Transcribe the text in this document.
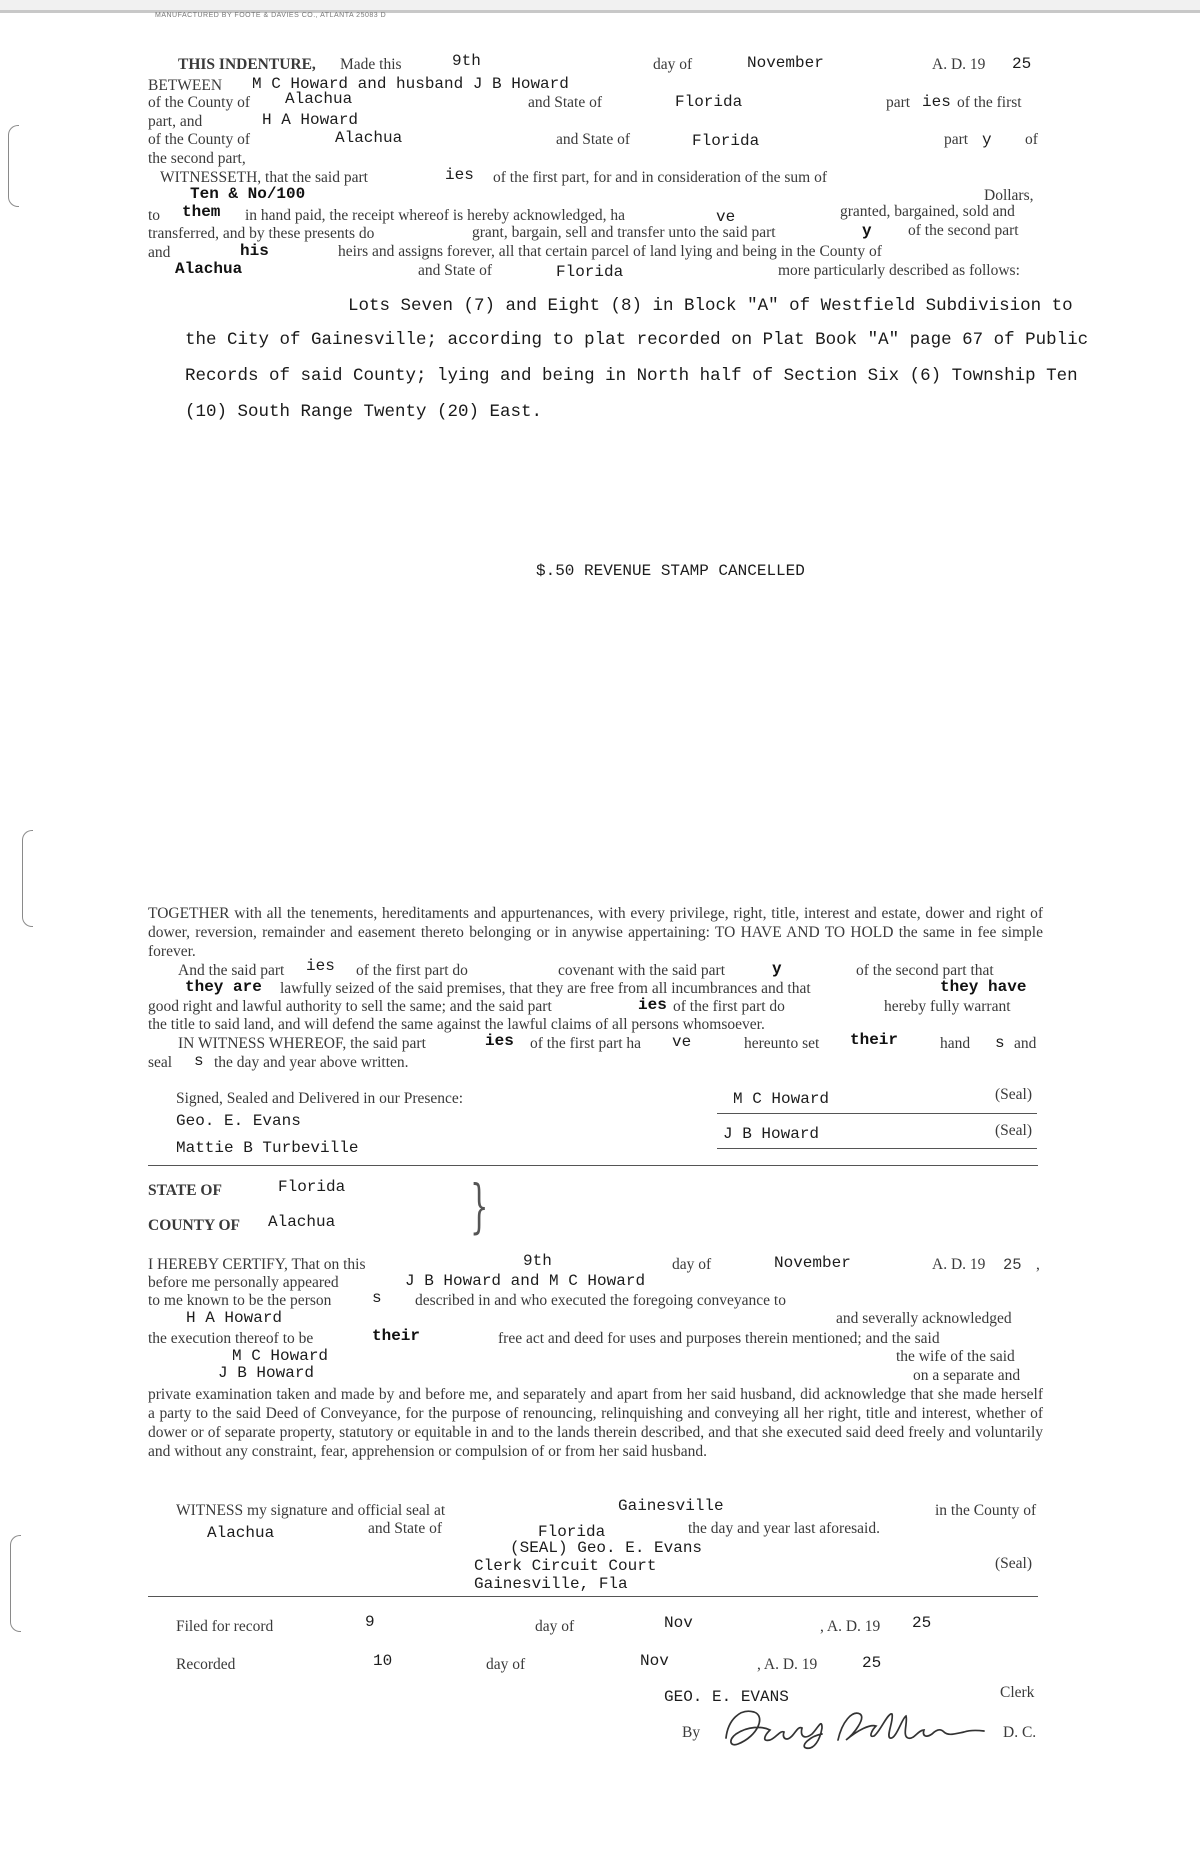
MANUFACTURED BY FOOTE & DAVIES CO., ATLANTA 25083 D
THIS INDENTURE, Made this	9th	day of	November	A. D. 19 25
BETWEEN M C Howard and husband J B Howard
of the County of Alachua	and State of	Florida	part ies of the first
part, and	H A Howard
of the County of	Alachua	and State of	Florida	part y of
the second part,
WITNESSETH, that the said part	ies of the first part, for and in consideration of the sum of
Ten & No/100	Dollars,
to them in hand paid, the receipt whereof is hereby acknowledged, ha	ve	granted, bargained, sold and
transferred, and by these presents do	grant, bargain, sell and transfer unto the said part	y of the second part
and	his	heirs and assigns forever, all that certain parcel of land lying and being in the County of
Alachua	and State of	Florida	more particularly described as follows:
Lots Seven (7) and Eight (8) in Block "A" of Westfield Subdivision to
the City of Gainesville; according to plat recorded on Plat Book "A" page 67 of Public
Records of said County; lying and being in North half of Section Six (6) Township Ten
(10) South Range Twenty (20) East.
$.50 REVENUE STAMP CANCELLED
TOGETHER with all the tenements, hereditaments and appurtenances, with every privilege, right, title, interest and estate, dower and right of dower, reversion, remainder and easement thereto belonging or in anywise appertaining: TO HAVE AND TO HOLD the same in fee simple forever.
And the said part ies of the first part do	covenant with the said part	y	of the second part that
they are lawfully seized of the said premises, that they are free from all incumbrances and that	they have
good right and lawful authority to sell the same; and the said part	ies of the first part do	hereby fully warrant
the title to said land, and will defend the same against the lawful claims of all persons whomsoever.
IN WITNESS WHEREOF, the said part	ies of the first part ha ve	hereunto set their	hand s and
seal s the day and year above written.
Signed, Sealed and Delivered in our Presence:
Geo. E. Evans
Mattie B Turbeville
M C Howard
J B Howard
(Seal)
(Seal)
STATE OF	Florida
COUNTY OF Alachua }
I HEREBY CERTIFY, That on this	9th	day of	November	A. D. 19 25 ,
before me personally appeared	J B Howard and M C Howard
to me known to be the person	s described in and who executed the foregoing conveyance to
H A Howard	and severally acknowledged
the execution thereof to be	their	free act and deed for uses and purposes therein mentioned; and the said
M C Howard	the wife of the said
J B Howard	on a separate and
private examination taken and made by and before me, and separately and apart from her said husband, did acknowledge that she made herself a party to the said Deed of Conveyance, for the purpose of renouncing, relinquishing and conveying all her right, title and interest, whether of dower or of separate property, statutory or equitable in and to the lands therein described, and that she executed said deed freely and voluntarily and without any constraint, fear, apprehension or compulsion of or from her said husband.
WITNESS my signature and official seal at	Gainesville	in the County of
Alachua	and State of	Florida	the day and year last aforesaid.
(SEAL) Geo. E. Evans
Clerk Circuit Court
Gainesville, Fla
(Seal)
Filed for record	9	day of	Nov	, A. D. 19 25
Recorded	10	day of	Nov	, A. D. 19	25
GEO. E. EVANS	Clerk
By	D. C.
